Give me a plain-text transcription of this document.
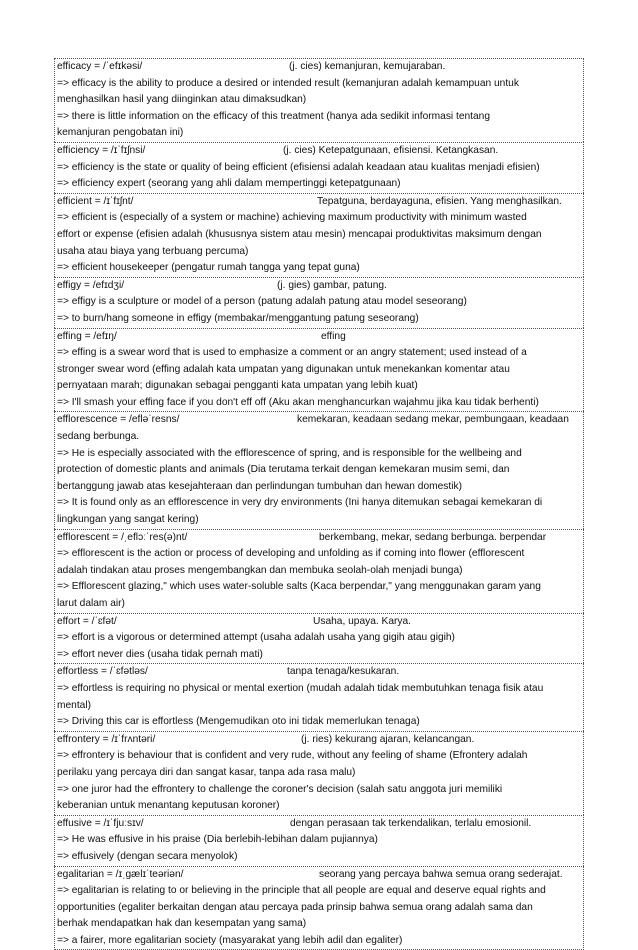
efficacy = /ˈefɪkəsi/	(j. cies) kemanjuran, kemujaraban.
=> efficacy is the ability to produce a desired or intended result (kemanjuran adalah kemampuan untuk
menghasilkan hasil yang diinginkan atau dimaksudkan)
=> there is little information on the efficacy of this treatment (hanya ada sedikit informasi tentang
kemanjuran pengobatan ini)
efficiency = /ɪˈfɪʃnsi/	(j. cies) Ketepatgunaan, efisiensi. Ketangkasan.
=> efficiency is the state or quality of being efficient (efisiensi adalah keadaan atau kualitas menjadi efisien)
=> efficiency expert (seorang yang ahli dalam mempertinggi ketepatgunaan)
efficient = /ɪˈfɪʃnt/	Tepatguna, berdayaguna, efisien. Yang menghasilkan.
=> efficient is (especially of a system or machine) achieving maximum productivity with minimum wasted
effort or expense (efisien adalah (khususnya sistem atau mesin) mencapai produktivitas maksimum dengan
usaha atau biaya yang terbuang percuma)
=> efficient housekeeper (pengatur rumah tangga yang tepat guna)
effigy = /efɪdʒi/	(j. gies) gambar, patung.
=> effigy is a sculpture or model of a person (patung adalah patung atau model seseorang)
=> to burn/hang someone in effigy (membakar/menggantung patung seseorang)
effing = /efɪŋ/	effing
=> effing is a swear word that is used to emphasize a comment or an angry statement; used instead of a
stronger swear word (effing adalah kata umpatan yang digunakan untuk menekankan komentar atau
pernyataan marah; digunakan sebagai pengganti kata umpatan yang lebih kuat)
=> I'll smash your effing face if you don't eff off (Aku akan menghancurkan wajahmu jika kau tidak berhenti)
efflorescence = /efləˈresns/	kemekaran, keadaan sedang mekar, pembungaan, keadaan
sedang berbunga.
=> He is especially associated with the efflorescence of spring, and is responsible for the wellbeing and
protection of domestic plants and animals (Dia terutama terkait dengan kemekaran musim semi, dan
bertanggung jawab atas kesejahteraan dan perlindungan tumbuhan dan hewan domestik)
=> It is found only as an efflorescence in very dry environments (Ini hanya ditemukan sebagai kemekaran di
lingkungan yang sangat kering)
efflorescent = /ˌeflɔːˈres(ə)nt/	berkembang, mekar, sedang berbunga. berpendar
=> efflorescent is the action or process of developing and unfolding as if coming into flower (efflorescent
adalah tindakan atau proses mengembangkan dan membuka seolah-olah menjadi bunga)
=> Efflorescent glazing," which uses water-soluble salts (Kaca berpendar," yang menggunakan garam yang
larut dalam air)
effort = /ˈɛfət/	Usaha, upaya. Karya.
=> effort is a vigorous or determined attempt (usaha adalah usaha yang gigih atau gigih)
=> effort never dies (usaha tidak pernah mati)
effortless = /ˈɛfətləs/	tanpa tenaga/kesukaran.
=> effortless is requiring no physical or mental exertion (mudah adalah tidak membutuhkan tenaga fisik atau
mental)
=> Driving this car is effortless (Mengemudikan oto ini tidak memerlukan tenaga)
effrontery = /ɪˈfrʌntəri/	(j. ries) kekurang ajaran, kelancangan.
=> effrontery is behaviour that is confident and very rude, without any feeling of shame (Efrontery adalah
perilaku yang percaya diri dan sangat kasar, tanpa ada rasa malu)
=> one juror had the effrontery to challenge the coroner's decision (salah satu anggota juri memiliki
keberanian untuk menantang keputusan koroner)
effusive = /ɪˈfjuːsɪv/	dengan perasaan tak terkendalikan, terlalu emosionil.
=> He was effusive in his praise (Dia berlebih-lebihan dalam pujiannya)
=> effusively (dengan secara menyolok)
egalitarian = /ɪˌɡælɪˈteəriən/	seorang yang percaya bahwa semua orang sederajat.
=> egalitarian is relating to or believing in the principle that all people are equal and deserve equal rights and
opportunities (egaliter berkaitan dengan atau percaya pada prinsip bahwa semua orang adalah sama dan
berhak mendapatkan hak dan kesempatan yang sama)
=> a fairer, more egalitarian society (masyarakat yang lebih adil dan egaliter)
